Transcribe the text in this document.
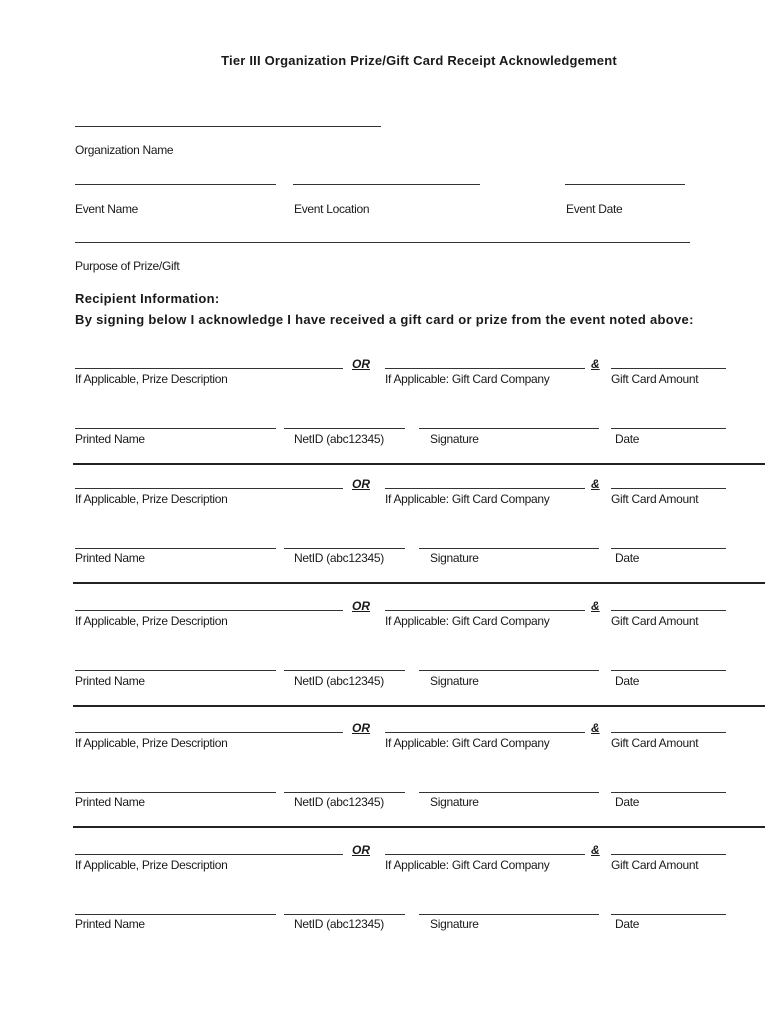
Tier III Organization Prize/Gift Card Receipt Acknowledgement
Organization Name
Event Name	Event Location	Event Date
Purpose of Prize/Gift
Recipient Information:
By signing below I acknowledge I have received a gift card or prize from the event noted above:
OR	&
If Applicable, Prize Description	If Applicable: Gift Card Company	Gift Card Amount
Printed Name	NetID (abc12345)	Signature	Date
OR	&
If Applicable, Prize Description	If Applicable: Gift Card Company	Gift Card Amount
Printed Name	NetID (abc12345)	Signature	Date
OR	&
If Applicable, Prize Description	If Applicable: Gift Card Company	Gift Card Amount
Printed Name	NetID (abc12345)	Signature	Date
OR	&
If Applicable, Prize Description	If Applicable: Gift Card Company	Gift Card Amount
Printed Name	NetID (abc12345)	Signature	Date
OR	&
If Applicable, Prize Description	If Applicable: Gift Card Company	Gift Card Amount
Printed Name	NetID (abc12345)	Signature	Date
